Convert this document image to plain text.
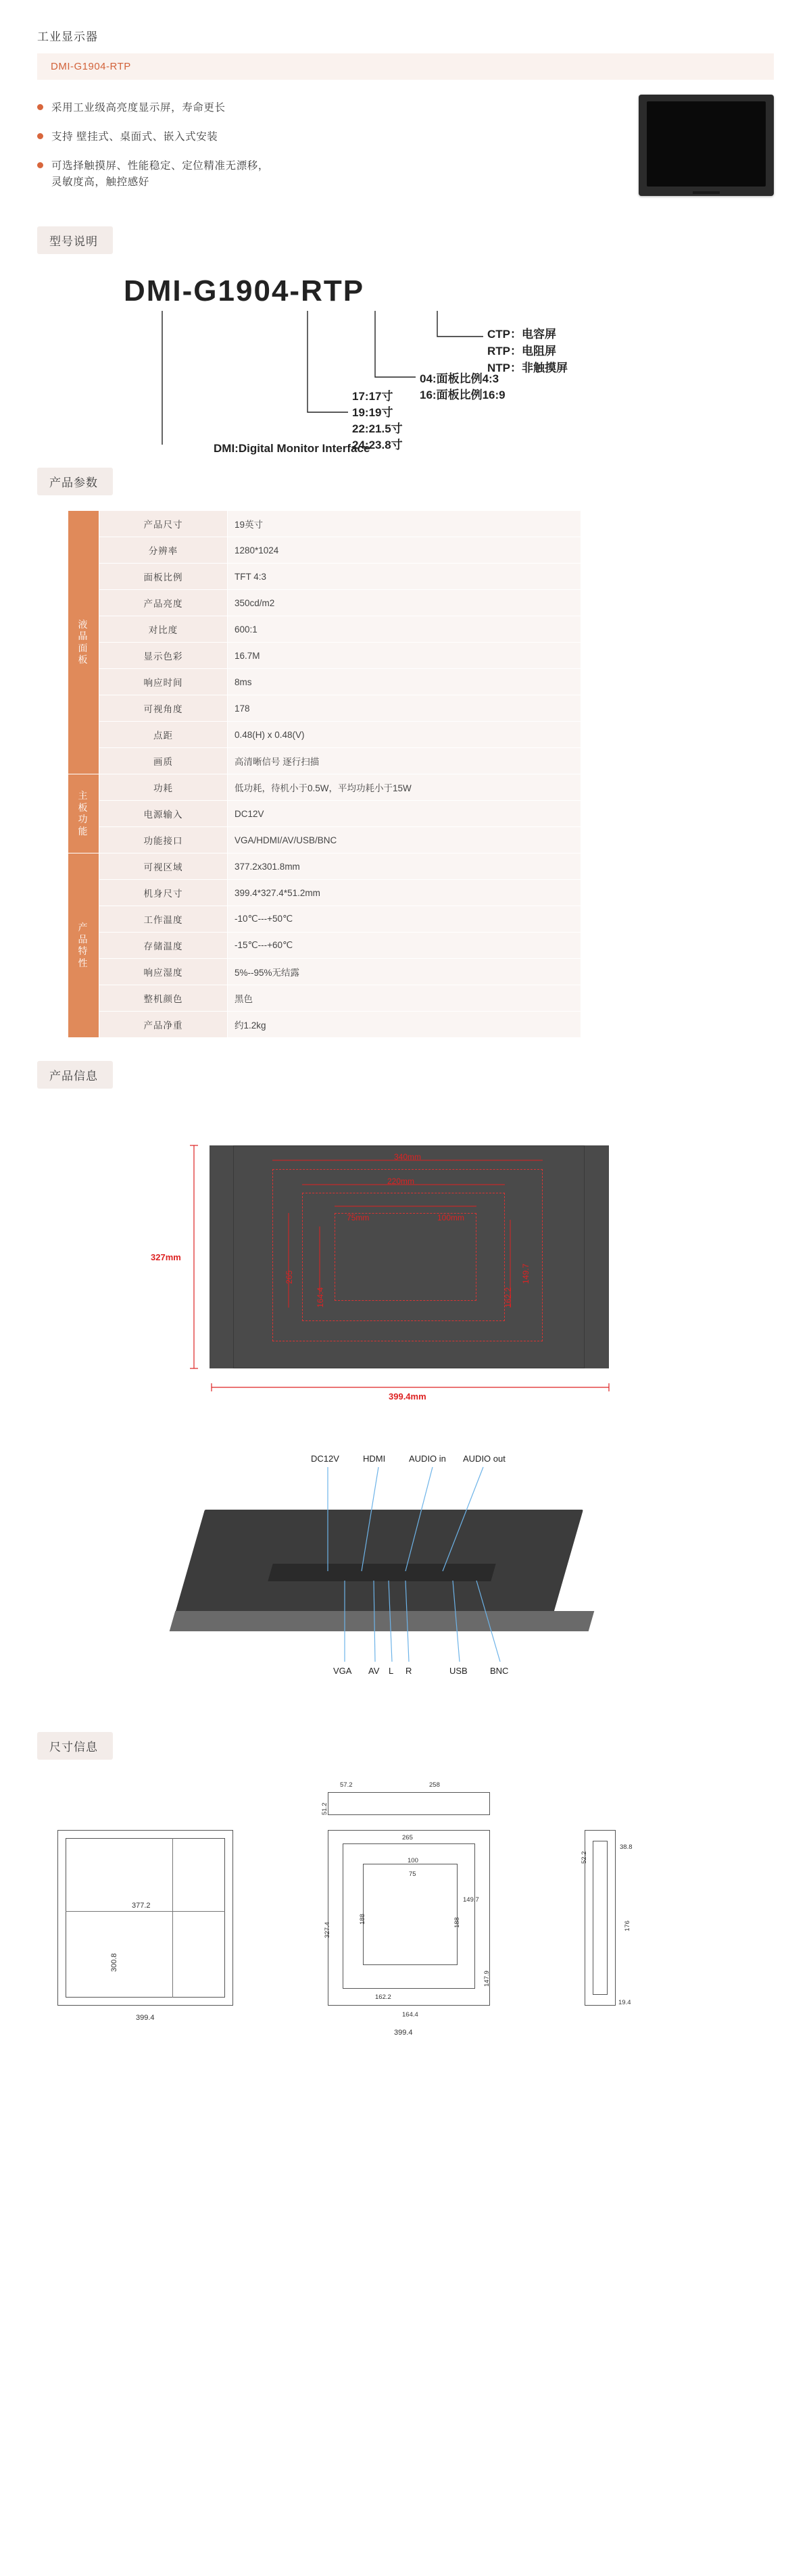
工业显示器
DMI-G1904-RTP
采用工业级高亮度显示屏，寿命更长
支持 壁挂式、桌面式、嵌入式安装
可选择触摸屏、性能稳定、定位精准无漂移，
灵敏度高，触控感好
型号说明
DMI-G1904-RTP
CTP：电容屏
RTP：电阻屏
NTP：非触摸屏
04:面板比例4:3
16:面板比例16:9
17:17寸
19:19寸
22:21.5寸
24:23.8寸
DMI:Digital Monitor Interface
产品参数
液晶面板	产品尺寸	19英寸
	分辨率	1280*1024
	面板比例	TFT 4:3
	产品亮度	350cd/m2
	对比度	600:1
	显示色彩	16.7M
	响应时间	8ms
	可视角度	178
	点距	0.48(H) x 0.48(V)
	画质	高清晰信号 逐行扫描

主板功能	功耗	低功耗，待机小于0.5W，平均功耗小于15W
	电源输入	DC12V
	功能接口	VGA/HDMI/AV/USB/BNC

产品特性	可视区域	377.2x301.8mm
	机身尺寸	399.4*327.4*51.2mm
	工作温度	-10℃---+50℃
	存储温度	-15℃---+60℃
	响应湿度	5%--95%无结露
	整机颜色	黑色
	产品净重	约1.2kg
产品信息
399.4mm
327mm
340mm
220mm
75mm	100mm
265	149.7
162.2
164.4
DC12V	HDMI	AUDIO in AUDIO out
VGA AV L R	USB	BNC
尺寸信息
377.2
300.8
399.4
57.2	258
51.2
265
100
75
149.7
327.4
188	188
162.2
164.4
147.9
399.4
52.2
38.8
176
19.4
